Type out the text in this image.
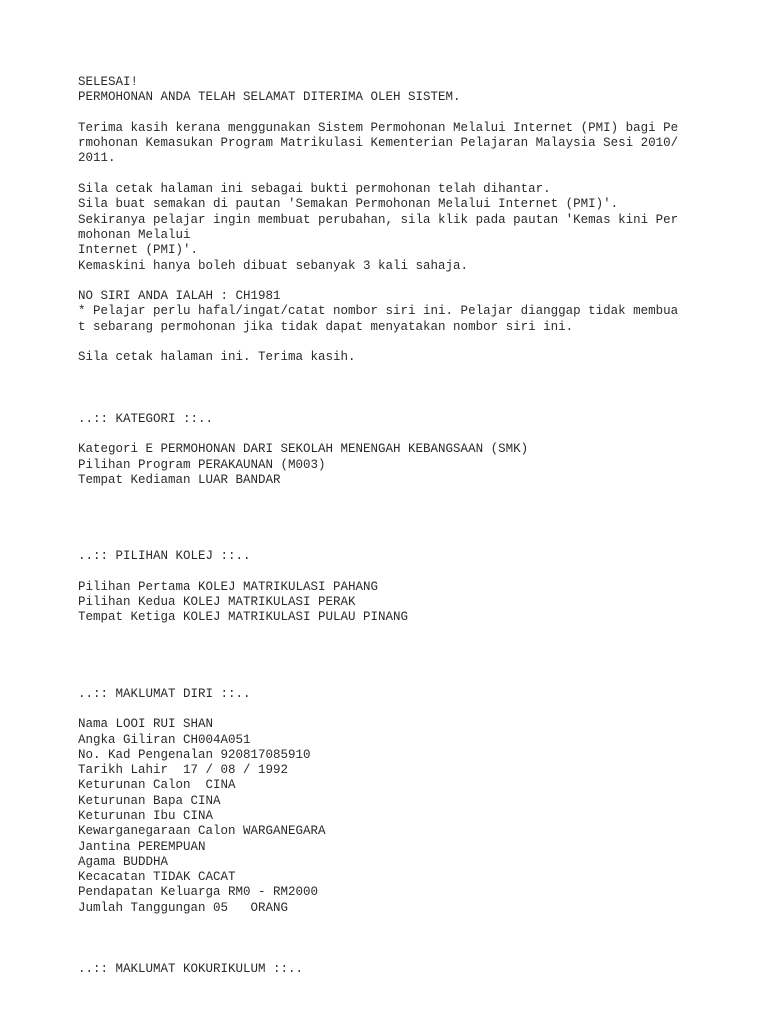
SELESAI!
PERMOHONAN ANDA TELAH SELAMAT DITERIMA OLEH SISTEM.
Terima kasih kerana menggunakan Sistem Permohonan Melalui Internet (PMI) bagi Pe
rmohonan Kemasukan Program Matrikulasi Kementerian Pelajaran Malaysia Sesi 2010/
2011.
Sila cetak halaman ini sebagai bukti permohonan telah dihantar.
Sila buat semakan di pautan 'Semakan Permohonan Melalui Internet (PMI)'.
Sekiranya pelajar ingin membuat perubahan, sila klik pada pautan 'Kemas kini Per
mohonan Melalui
Internet (PMI)'.
Kemaskini hanya boleh dibuat sebanyak 3 kali sahaja.
NO SIRI ANDA IALAH : CH1981
* Pelajar perlu hafal/ingat/catat nombor siri ini. Pelajar dianggap tidak membua
t sebarang permohonan jika tidak dapat menyatakan nombor siri ini.
Sila cetak halaman ini. Terima kasih.
..:: KATEGORI ::..
Kategori E PERMOHONAN DARI SEKOLAH MENENGAH KEBANGSAAN (SMK)
Pilihan Program PERAKAUNAN (M003)
Tempat Kediaman LUAR BANDAR
..:: PILIHAN KOLEJ ::..
Pilihan Pertama KOLEJ MATRIKULASI PAHANG
Pilihan Kedua KOLEJ MATRIKULASI PERAK
Tempat Ketiga KOLEJ MATRIKULASI PULAU PINANG
..:: MAKLUMAT DIRI ::..
Nama LOOI RUI SHAN
Angka Giliran CH004A051
No. Kad Pengenalan 920817085910
Tarikh Lahir  17 / 08 / 1992
Keturunan Calon  CINA
Keturunan Bapa CINA
Keturunan Ibu CINA
Kewarganegaraan Calon WARGANEGARA
Jantina PEREMPUAN
Agama BUDDHA
Kecacatan TIDAK CACAT
Pendapatan Keluarga RM0 - RM2000
Jumlah Tanggungan 05   ORANG
..:: MAKLUMAT KOKURIKULUM ::..
